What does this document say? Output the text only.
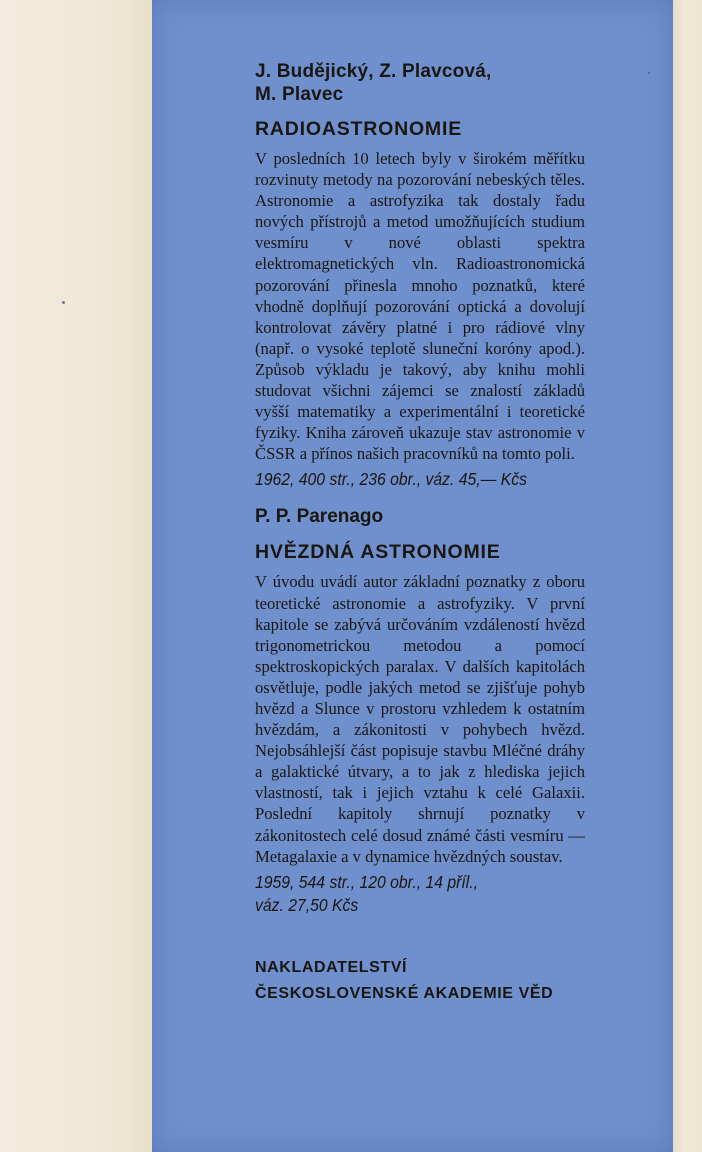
J. Budějický, Z. Plavcová,
M. Plavec
RADIOASTRONOMIE

V posledních 10 letech byly v širokém měřítku rozvinuty metody na pozorování nebeských těles. Astronomie a astrofyzika tak dostaly řadu nových přístrojů a metod umožňujících studium vesmíru v nové oblasti spektra elektromagnetických vln. Radioastronomická pozorování přinesla mnoho poznatků, které vhodně doplňují pozorování optická a dovolují kontrolovat závěry platné i pro rádiové vlny (např. o vysoké teplotě sluneční koróny apod.). Způsob výkladu je takový, aby knihu mohli studovat všichni zájemci se znalostí základů vyšší matematiky a experimentální i teoretické fyziky. Kniha zároveň ukazuje stav astronomie v ČSSR a přínos našich pracovníků na tomto poli.

1962, 400 str., 236 obr., váz. 45,— Kčs
P. P. Parenago
HVĚZDNÁ ASTRONOMIE

V úvodu uvádí autor základní poznatky z oboru teoretické astronomie a astrofyziky. V první kapitole se zabývá určováním vzdáleností hvězd trigonometrickou metodou a pomocí spektroskopických paralax. V dalších kapitolách osvětluje, podle jakých metod se zjišťuje pohyb hvězd a Slunce v prostoru vzhledem k ostatním hvězdám, a zákonitosti v pohybech hvězd. Nejobsáhlejší část popisuje stavbu Mléčné dráhy a galaktické útvary, a to jak z hlediska jejich vlastností, tak i jejich vztahu k celé Galaxii. Poslední kapitoly shrnují poznatky v zákonitostech celé dosud známé části vesmíru — Metagalaxie a v dynamice hvězdných soustav.

1959, 544 str., 120 obr., 14 příl.,
váz. 27,50 Kčs
NAKLADATELSTVÍ
ČESKOSLOVENSKÉ AKADEMIE VĚD
